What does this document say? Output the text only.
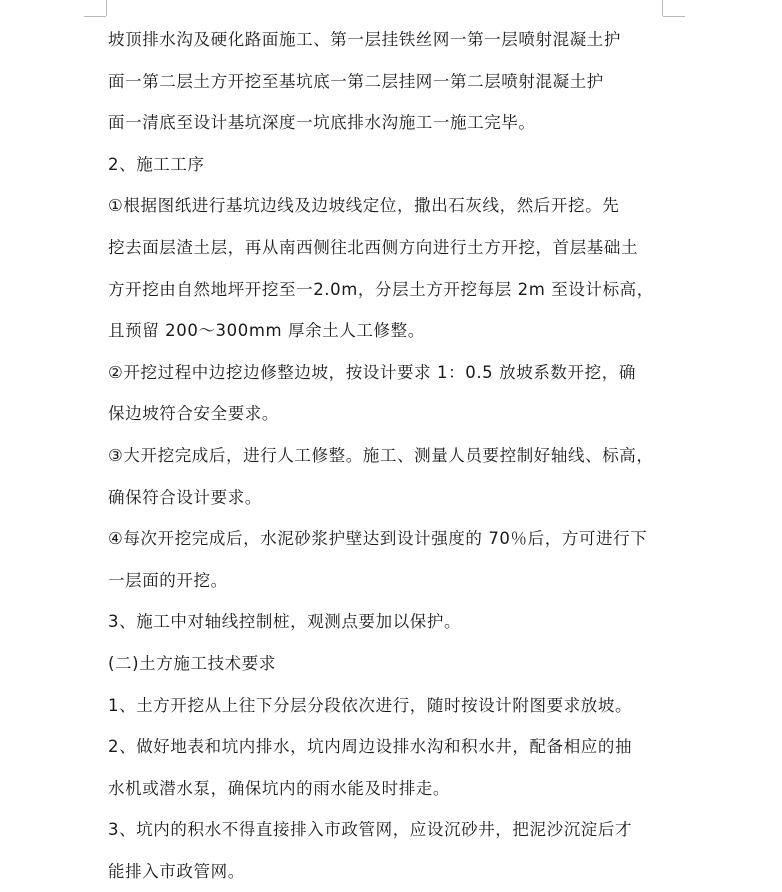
坡顶排水沟及硬化路面施工、第一层挂铁丝网一第一层喷射混凝土护
面一第二层土方开挖至基坑底一第二层挂网一第二层喷射混凝土护
面一清底至设计基坑深度一坑底排水沟施工一施工完毕。
2、施工工序
①根据图纸进行基坑边线及边坡线定位，撒出石灰线，然后开挖。先
挖去面层渣土层，再从南西侧往北西侧方向进行土方开挖，首层基础土
方开挖由自然地坪开挖至一2.0m，分层土方开挖每层 2m 至设计标高，
且预留 200～300mm 厚余土人工修整。
②开挖过程中边挖边修整边坡，按设计要求 1：0.5 放坡系数开挖，确
保边坡符合安全要求。
③大开挖完成后，进行人工修整。施工、测量人员要控制好轴线、标高，
确保符合设计要求。
④每次开挖完成后，水泥砂浆护壁达到设计强度的 70％后，方可进行下
一层面的开挖。
3、施工中对轴线控制桩，观测点要加以保护。
(二)土方施工技术要求
1、土方开挖从上往下分层分段依次进行，随时按设计附图要求放坡。
2、做好地表和坑内排水，坑内周边设排水沟和积水井，配备相应的抽
水机或潜水泵，确保坑内的雨水能及时排走。
3、坑内的积水不得直接排入市政管网，应设沉砂井，把泥沙沉淀后才
能排入市政管网。
